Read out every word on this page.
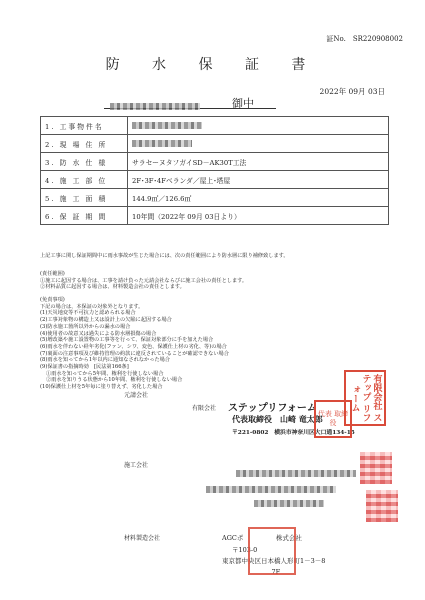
証No.　SR220908002
防 水 保 証 書
2022年 09月 03日
御中
1. 工事物件名	
2. 現 場 住 所	
3. 防 水 仕 様	サラセーヌタフガイSD－AK30T工法
4. 施 工 部 位	2F･3F･4Fベランダ／屋上･塔屋
5. 施 工 面 積	144.9㎡／126.6㎡
6. 保 証 期 間	10年間（2022年 09月 03日より）
上記工事に関し保証期間中に雨水事故が生じた場合には、次の責任範囲により防水層に限り補修致します。
(責任範囲)
①施工に起因する場合は、工事を請け負った元請会社ならびに施工会社の責任とします。
②材料品質に起因する場合は、材料製造会社の責任とします。
(免責事項)
下記の場合は、本保証の対象外となります。
(1)天災地変等不可抗力と認められる場合
(2)工事対象物の構造上又は設計上の欠陥に起因する場合
(3)防水施工箇所以外からの漏水の場合
(4)使用者の故意又は過失による防水層損傷の場合
(5)増改築や施工設置物の工事等を行って、保証対象部分に手を加えた場合
(6)雨水を伴わない経年劣化(ファン、シワ、変色、保護仕上材の劣化、等)の場合
(7)裏面の注意事項及び維持管理の約款に違反されていることが確認できない場合
(8)雨水を知ってから1年以内に通知なされなかった場合
(9)保証書の指摘時効　[民法第166条]
①雨水を知ってから5年間、権利を行使しない場合
②雨水を知りうる状態から10年間、権利を行使しない場合
(10)保護仕上材を5年毎に塗り替えず、劣化した場合
元請会社
有限会社 ステップリフォーム
代表取締役　山崎 竜太郎
〒221-0802　横浜市神奈川区大口通134-15
有限会社 ステップ リフォーム
代表 取締役
施工会社
材料製造会社	AGCポ　　　　　株式会社
〒103-0
東京都中央区日本橋人形町1－3－8
　　　7F
